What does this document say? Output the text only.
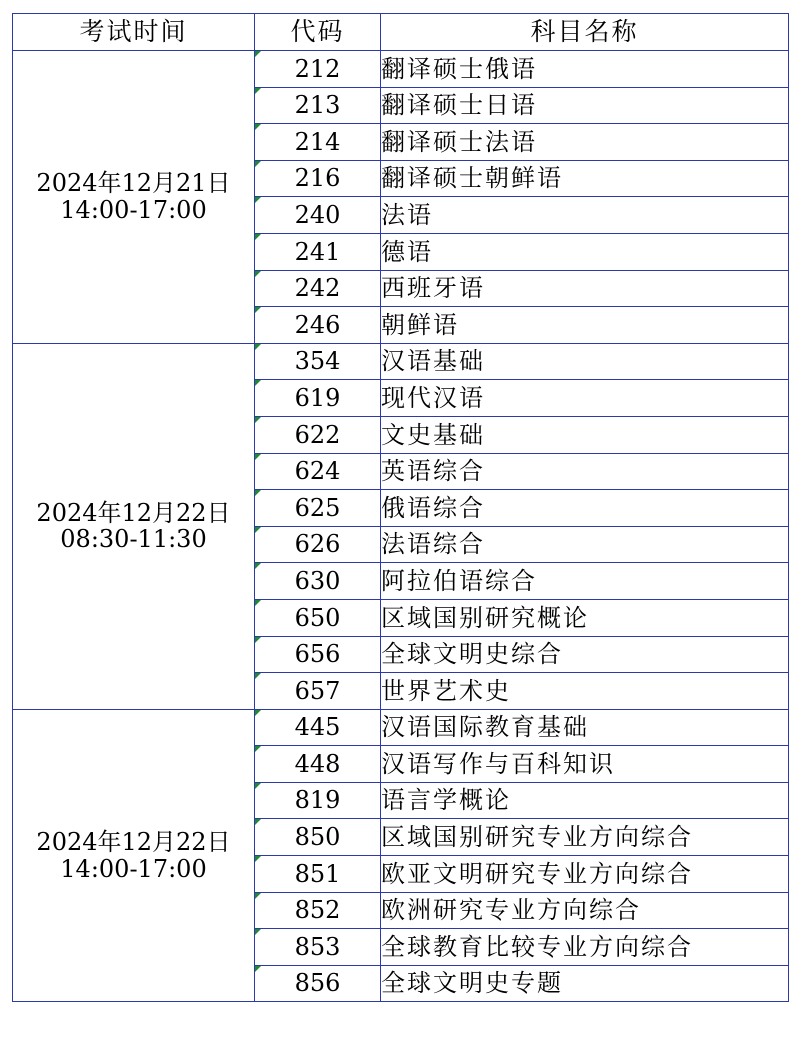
考试时间	代码	科目名称

2024年12月21日
14:00-17:00	212	翻译硕士俄语
	213	翻译硕士日语
	214	翻译硕士法语
	216	翻译硕士朝鲜语
	240	法语
	241	德语
	242	西班牙语
	246	朝鲜语

2024年12月22日
08:30-11:30	354	汉语基础
	619	现代汉语
	622	文史基础
	624	英语综合
	625	俄语综合
	626	法语综合
	630	阿拉伯语综合
	650	区域国别研究概论
	656	全球文明史综合
	657	世界艺术史

2024年12月22日
14:00-17:00	445	汉语国际教育基础
	448	汉语写作与百科知识
	819	语言学概论
	850	区域国别研究专业方向综合
	851	欧亚文明研究专业方向综合
	852	欧洲研究专业方向综合
	853	全球教育比较专业方向综合
	856	全球文明史专题
